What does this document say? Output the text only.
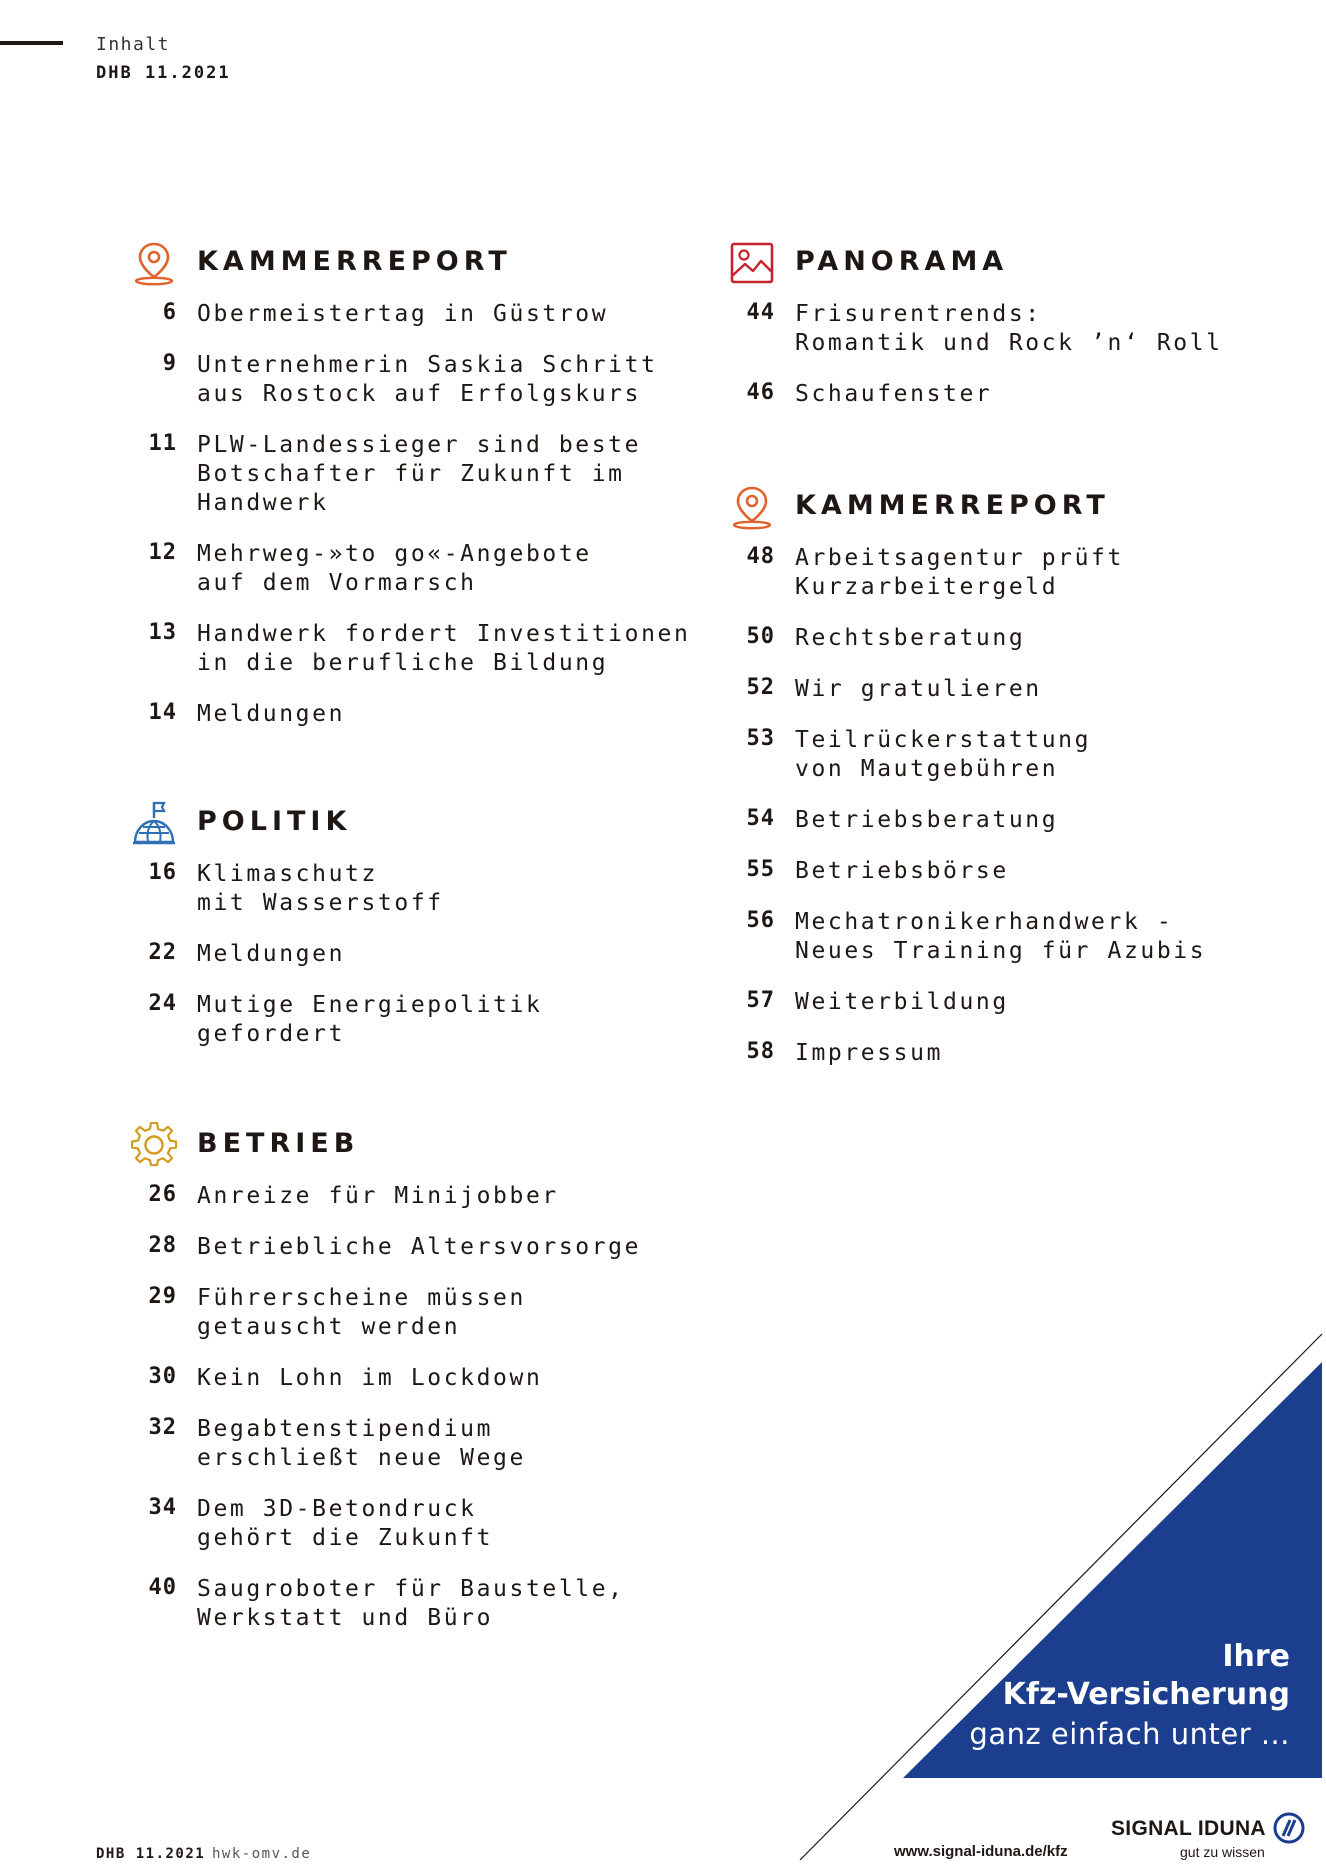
Inhalt
DHB 11.2021
KAMMERREPORT
6 Obermeistertag in Güstrow
9 Unternehmerin Saskia Schritt
aus Rostock auf Erfolgskurs
11 PLW-Landessieger sind beste
Botschafter für Zukunft im
Handwerk
12 Mehrweg-»to go«-Angebote
auf dem Vormarsch
13 Handwerk fordert Investitionen
in die berufliche Bildung
14 Meldungen
POLITIK
16 Klimaschutz
mit Wasserstoff
22 Meldungen
24 Mutige Energiepolitik
gefordert
BETRIEB
26 Anreize für Minijobber
28 Betriebliche Altersvorsorge
29 Führerscheine müssen
getauscht werden
30 Kein Lohn im Lockdown
32 Begabtenstipendium
erschließt neue Wege
34 Dem 3D-Betondruck
gehört die Zukunft
40 Saugroboter für Baustelle,
Werkstatt und Büro
PANORAMA
44 Frisurentrends:
Romantik und Rock ’n‘ Roll
46 Schaufenster
KAMMERREPORT
48 Arbeitsagentur prüft
Kurzarbeitergeld
50 Rechtsberatung
52 Wir gratulieren
53 Teilrückerstattung
von Mautgebühren
54 Betriebsberatung
55 Betriebsbörse
56 Mechatronikerhandwerk -
Neues Training für Azubis
57 Weiterbildung
58 Impressum
Ihre
Kfz-Versicherung
ganz einfach unter ...
www.signal-iduna.de/kfz
SIGNAL IDUNA
gut zu wissen
DHB 11.2021 hwk-omv.de
